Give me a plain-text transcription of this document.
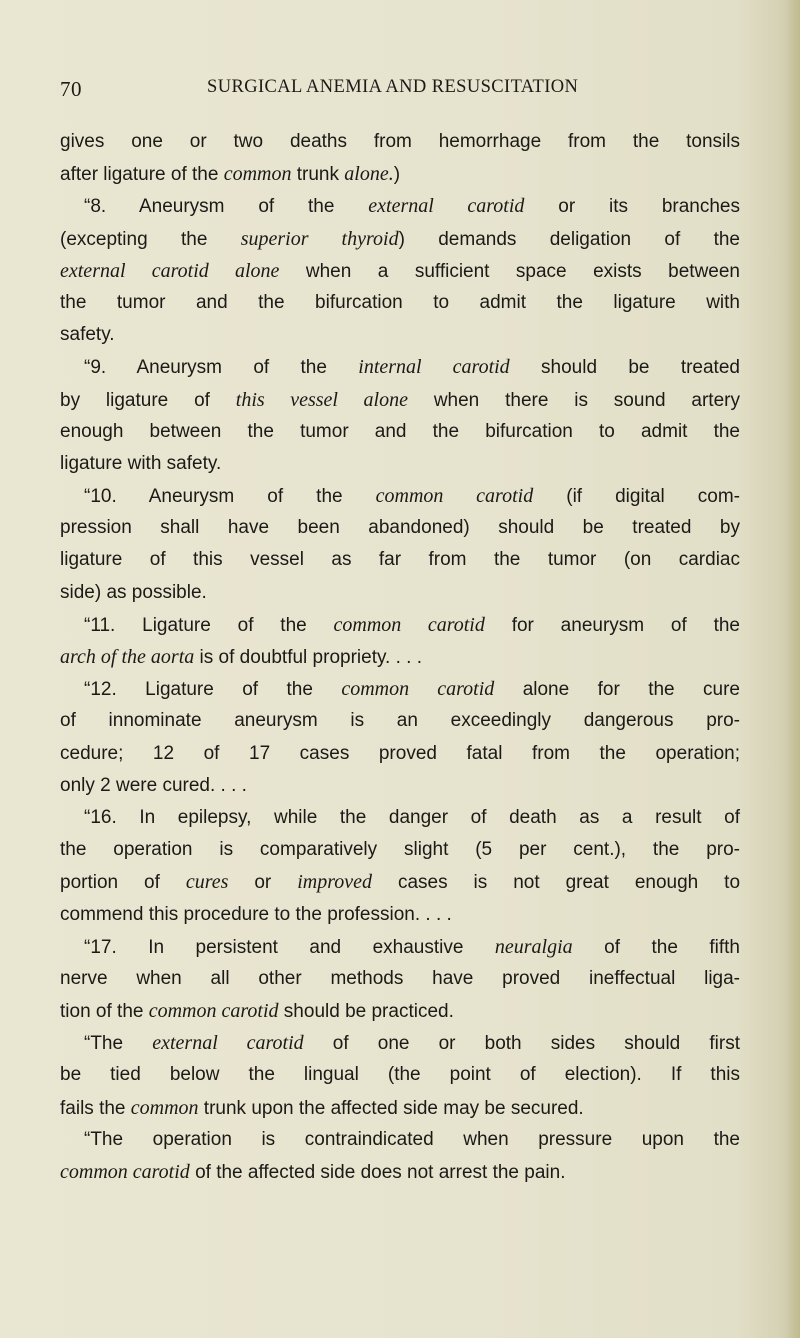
70	SURGICAL ANEMIA AND RESUSCITATION
gives one or two deaths from hemorrhage from the tonsils
after ligature of the common trunk alone.)
“8. Aneurysm of the external carotid or its branches
(excepting the superior thyroid) demands deligation of the
external carotid alone when a sufficient space exists between
the tumor and the bifurcation to admit the ligature with
safety.
“9. Aneurysm of the internal carotid should be treated
by ligature of this vessel alone when there is sound artery
enough between the tumor and the bifurcation to admit the
ligature with safety.
“10. Aneurysm of the common carotid (if digital com-
pression shall have been abandoned) should be treated by
ligature of this vessel as far from the tumor (on cardiac
side) as possible.
“11. Ligature of the common carotid for aneurysm of the
arch of the aorta is of doubtful propriety. . . .
“12. Ligature of the common carotid alone for the cure
of innominate aneurysm is an exceedingly dangerous pro-
cedure; 12 of 17 cases proved fatal from the operation;
only 2 were cured. . . .
“16. In epilepsy, while the danger of death as a result of
the operation is comparatively slight (5 per cent.), the pro-
portion of cures or improved cases is not great enough to
commend this procedure to the profession. . . .
“17. In persistent and exhaustive neuralgia of the fifth
nerve when all other methods have proved ineffectual liga-
tion of the common carotid should be practiced.
“The external carotid of one or both sides should first
be tied below the lingual (the point of election). If this
fails the common trunk upon the affected side may be secured.
“The operation is contraindicated when pressure upon the
common carotid of the affected side does not arrest the pain.
